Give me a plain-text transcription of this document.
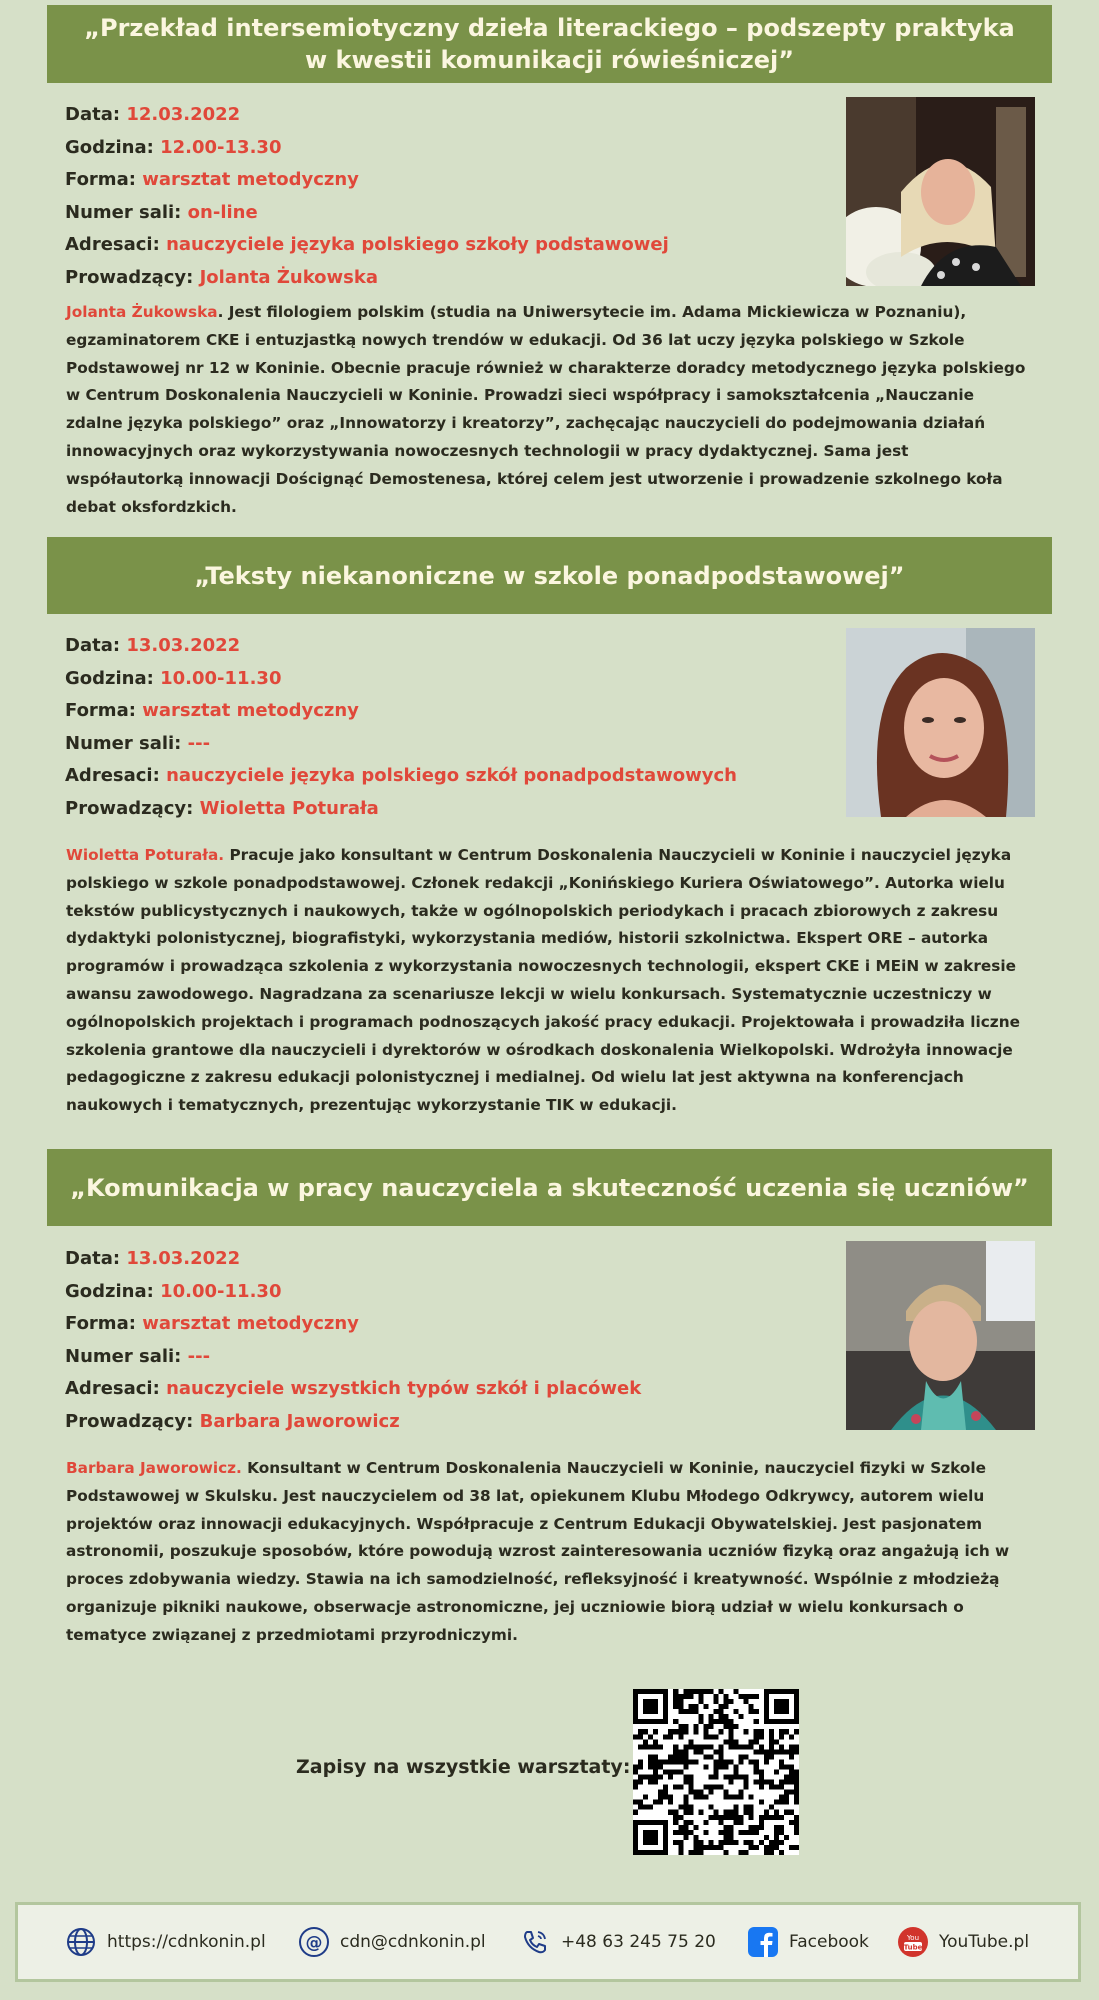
„Przekład intersemiotyczny dzieła literackiego – podszepty praktyka
w kwestii komunikacji rówieśniczej”
Data: 12.03.2022
Godzina: 12.00-13.30
Forma: warsztat metodyczny
Numer sali: on-line
Adresaci: nauczyciele języka polskiego szkoły podstawowej
Prowadzący: Jolanta Żukowska

Jolanta Żukowska. Jest filologiem polskim (studia na Uniwersytecie im. Adama Mickiewicza w Poznaniu), egzaminatorem CKE i entuzjastką nowych trendów w edukacji. Od 36 lat uczy języka polskiego w Szkole Podstawowej nr 12 w Koninie. Obecnie pracuje również w charakterze doradcy metodycznego języka polskiego w Centrum Doskonalenia Nauczycieli w Koninie. Prowadzi sieci współpracy i samokształcenia „Nauczanie zdalne języka polskiego” oraz „Innowatorzy i kreatorzy”, zachęcając nauczycieli do podejmowania działań innowacyjnych oraz wykorzystywania nowoczesnych technologii w pracy dydaktycznej. Sama jest współautorką innowacji Doścignąć Demostenesa, której celem jest utworzenie i prowadzenie szkolnego koła debat oksfordzkich.

„Teksty niekanoniczne w szkole ponadpodstawowej”
Data: 13.03.2022
Godzina: 10.00-11.30
Forma: warsztat metodyczny
Numer sali: ---
Adresaci: nauczyciele języka polskiego szkół ponadpodstawowych
Prowadzący: Wioletta Poturała

Wioletta Poturała. Pracuje jako konsultant w Centrum Doskonalenia Nauczycieli w Koninie i nauczyciel języka polskiego w szkole ponadpodstawowej. Członek redakcji „Konińskiego Kuriera Oświatowego”. Autorka wielu tekstów publicystycznych i naukowych, także w ogólnopolskich periodykach i pracach zbiorowych z zakresu dydaktyki polonistycznej, biografistyki, wykorzystania mediów, historii szkolnictwa. Ekspert ORE – autorka programów i prowadząca szkolenia z wykorzystania nowoczesnych technologii, ekspert CKE i MEiN w zakresie awansu zawodowego. Nagradzana za scenariusze lekcji w wielu konkursach. Systematycznie uczestniczy w ogólnopolskich projektach i programach podnoszących jakość pracy edukacji. Projektowała i prowadziła liczne szkolenia grantowe dla nauczycieli i dyrektorów w ośrodkach doskonalenia Wielkopolski. Wdrożyła innowacje pedagogiczne z zakresu edukacji polonistycznej i medialnej. Od wielu lat jest aktywna na konferencjach naukowych i tematycznych, prezentując wykorzystanie TIK w edukacji.

„Komunikacja w pracy nauczyciela a skuteczność uczenia się uczniów”
Data: 13.03.2022
Godzina: 10.00-11.30
Forma: warsztat metodyczny
Numer sali: ---
Adresaci: nauczyciele wszystkich typów szkół i placówek
Prowadzący: Barbara Jaworowicz

Barbara Jaworowicz. Konsultant w Centrum Doskonalenia Nauczycieli w Koninie, nauczyciel fizyki w Szkole Podstawowej w Skulsku. Jest nauczycielem od 38 lat, opiekunem Klubu Młodego Odkrywcy, autorem wielu projektów oraz innowacji edukacyjnych. Współpracuje z Centrum Edukacji Obywatelskiej. Jest pasjonatem astronomii, poszukuje sposobów, które powodują wzrost zainteresowania uczniów fizyką oraz angażują ich w proces zdobywania wiedzy. Stawia na ich samodzielność, refleksyjność i kreatywność. Wspólnie z młodzieżą organizuje pikniki naukowe, obserwacje astronomiczne, jej uczniowie biorą udział w wielu konkursach o tematyce związanej z przedmiotami przyrodniczymi.

Zapisy na wszystkie warsztaty:
https://cdnkonin.pl @ cdn@cdnkonin.pl	+48 63 245 75 20	Facebook	You
Tube YouTube.pl
